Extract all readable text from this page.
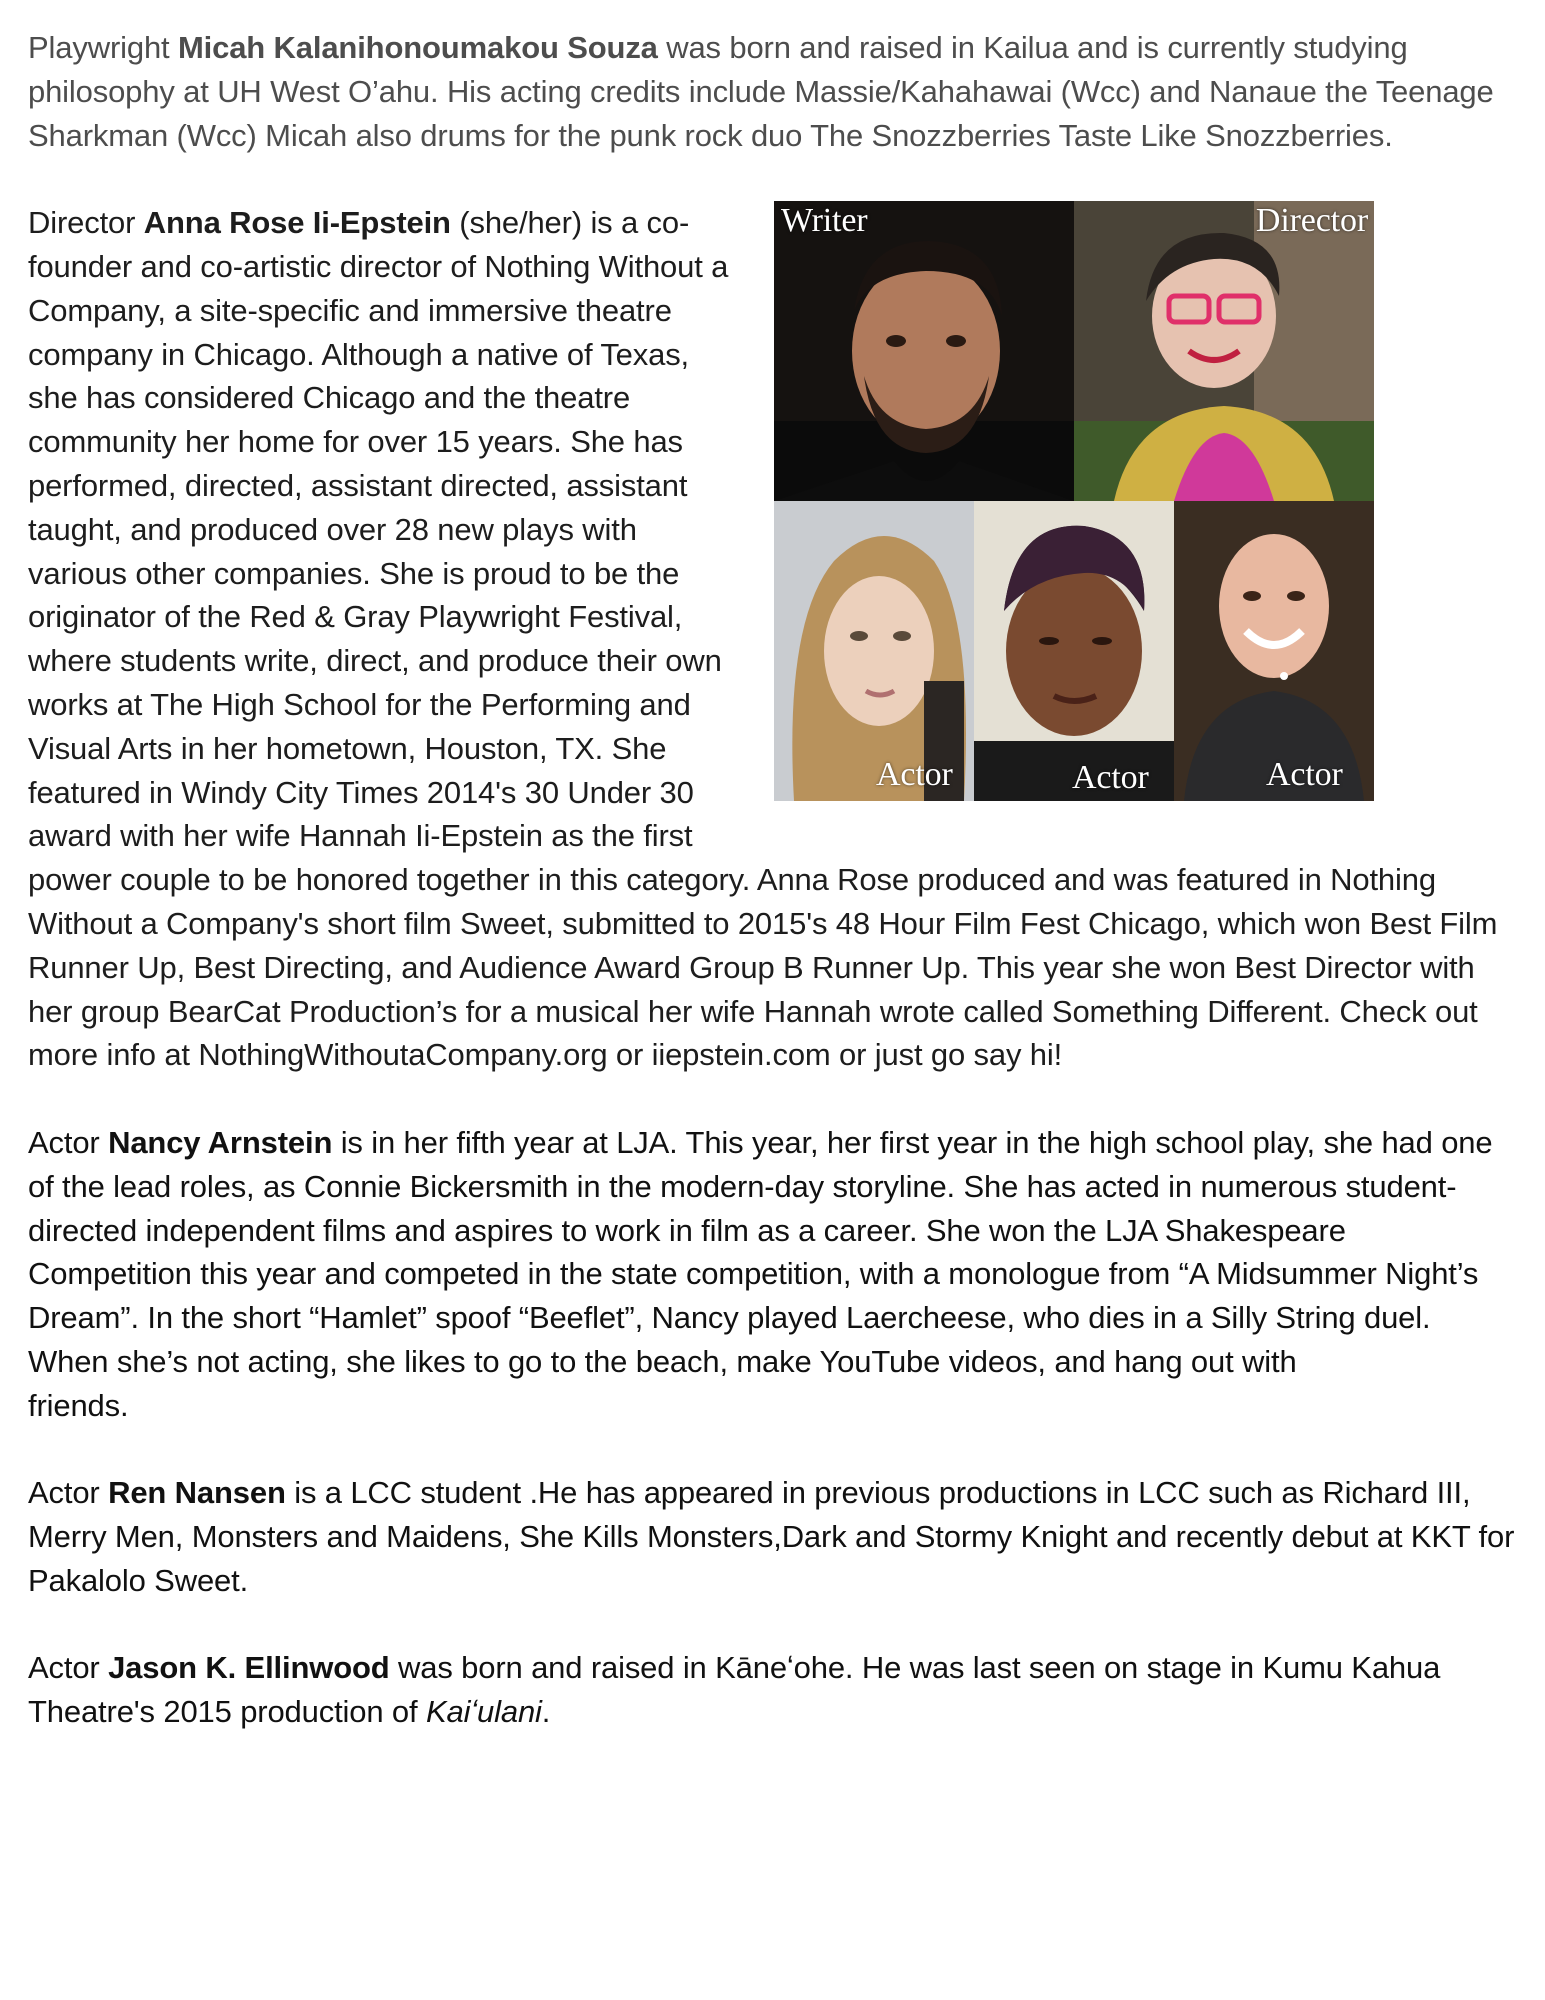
Playwright Micah Kalanihonoumakou Souza was born and raised in Kailua and is currently studying philosophy at UH West O’ahu. His acting credits include Massie/Kahahawai (Wcc) and Nanaue the Teenage Sharkman (Wcc) Micah also drums for the punk rock duo The Snozzberries Taste Like Snozzberries.

Writer	Director
Actor	Actor	Actor
Director Anna Rose Ii-Epstein (she/her) is a co-founder and co-artistic director of Nothing Without a Company, a site-specific and immersive theatre company in Chicago. Although a native of Texas, she has considered Chicago and the theatre community her home for over 15 years. She has performed, directed, assistant directed, assistant taught, and produced over 28 new plays with various other companies. She is proud to be the originator of the Red & Gray Playwright Festival, where students write, direct, and produce their own works at The High School for the Performing and Visual Arts in her hometown, Houston, TX. She featured in Windy City Times 2014's 30 Under 30 award with her wife Hannah Ii-Epstein as the first power couple to be honored together in this category. Anna Rose produced and was featured in Nothing Without a Company's short film Sweet, submitted to 2015's 48 Hour Film Fest Chicago, which won Best Film Runner Up, Best Directing, and Audience Award Group B Runner Up. This year she won Best Director with her group BearCat Production’s for a musical her wife Hannah wrote called Something Different. Check out more info at NothingWithoutaCompany.org or iiepstein.com or just go say hi!

Actor Nancy Arnstein is in her fifth year at LJA. This year, her first year in the high school play, she had one of the lead roles, as Connie Bickersmith in the modern-day storyline. She has acted in numerous student-directed independent films and aspires to work in film as a career. She won the LJA Shakespeare Competition this year and competed in the state competition, with a monologue from “A Midsummer Night’s Dream”. In the short “Hamlet” spoof “Beeflet”, Nancy played Laercheese, who dies in a Silly String duel. When she’s not acting, she likes to go to the beach, make YouTube videos, and hang out with
friends.

Actor Ren Nansen is a LCC student .He has appeared in previous productions in LCC such as Richard III, Merry Men, Monsters and Maidens, She Kills Monsters,Dark and Stormy Knight and recently debut at KKT for Pakalolo Sweet.

Actor Jason K. Ellinwood was born and raised in Kāneʻohe. He was last seen on stage in Kumu Kahua Theatre's 2015 production of Kaiʻulani.
